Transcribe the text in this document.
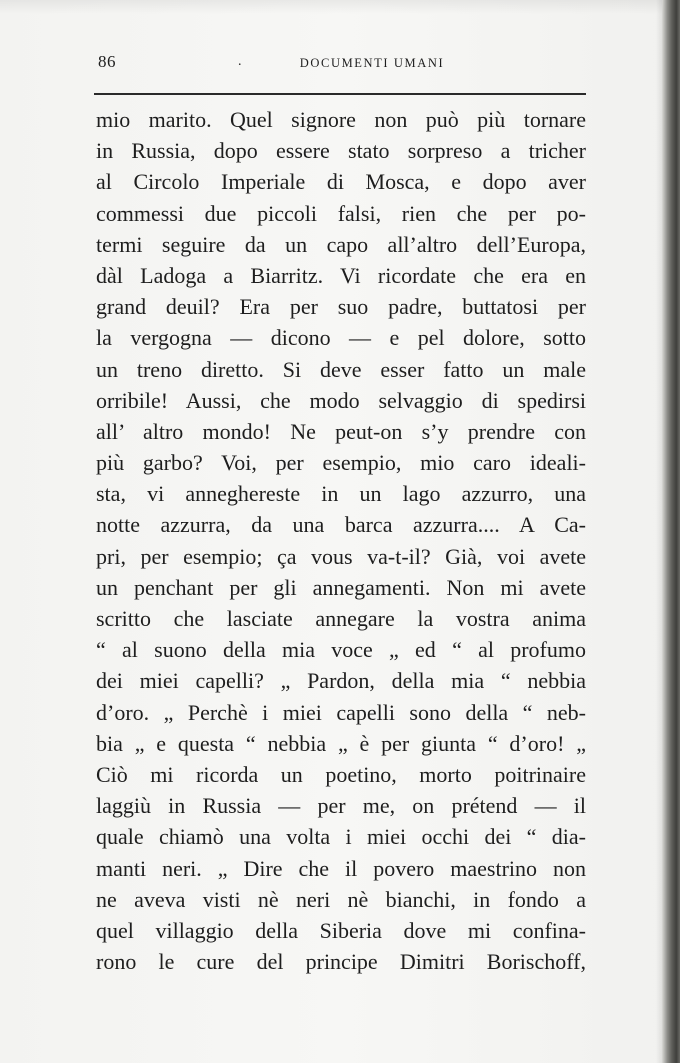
86	.	DOCUMENTI UMANI
mio marito. Quel signore non può più tornare
in Russia, dopo essere stato sorpreso a tricher
al Circolo Imperiale di Mosca, e dopo aver
commessi due piccoli falsi, rien che per po-
termi seguire da un capo all’altro dell’Europa,
dàl Ladoga a Biarritz. Vi ricordate che era en
grand deuil? Era per suo padre, buttatosi per
la vergogna — dicono — e pel dolore, sotto
un treno diretto. Si deve esser fatto un male
orribile! Aussi, che modo selvaggio di spedirsi
all’ altro mondo! Ne peut-on s’y prendre con
più garbo? Voi, per esempio, mio caro ideali-
sta, vi anneghereste in un lago azzurro, una
notte azzurra, da una barca azzurra.... A Ca-
pri, per esempio; ça vous va-t-il? Già, voi avete
un penchant per gli annegamenti. Non mi avete
scritto che lasciate annegare la vostra anima
“ al suono della mia voce „ ed “ al profumo
dei miei capelli? „ Pardon, della mia “ nebbia
d’oro. „ Perchè i miei capelli sono della “ neb-
bia „ e questa “ nebbia „ è per giunta “ d’oro! „
Ciò mi ricorda un poetino, morto poitrinaire
laggiù in Russia — per me, on prétend — il
quale chiamò una volta i miei occhi dei “ dia-
manti neri. „ Dire che il povero maestrino non
ne aveva visti nè neri nè bianchi, in fondo a
quel villaggio della Siberia dove mi confina-
rono le cure del principe Dimitri Borischoff,
